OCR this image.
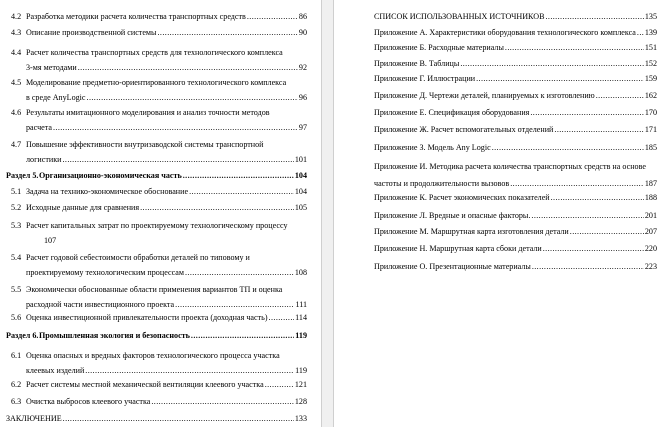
4.2 Разработка методики расчета количества транспортных средств .....	86
4.3 Описание производственной системы .....	90
4.4 Расчет количества транспортных средств для технологического комплекса
3-мя методами .....	92
4.5 Моделирование предметно-ориентированного технологического комплекса
в среде AnyLogic .....	96
4.6 Результаты имитационного моделирования и анализ точности методов
расчета .....	97
4.7 Повышение эффективности внутризаводской системы транспортной
логистики .....	101
Раздел 5. Организационно-экономическая часть .....	104
5.1 Задача на технико-экономическое обоснование .....	104
5.2 Исходные данные для сравнения .....	105
5.3 Расчет капитальных затрат по проектируемому технологическому процессу
107
5.4 Расчет годовой себестоимости обработки деталей по типовому и
проектируемому технологическим процессам .....	108
5.5 Экономически обоснованные области применения вариантов ТП и оценка
расходной части инвестиционного проекта .....	111
5.6 Оценка инвестиционной привлекательности проекта (доходная часть) .....	114
Раздел 6. Промышленная экология и безопасность .....	119
6.1 Оценка опасных и вредных факторов технологического процесса участка
клеевых изделий .....	119
6.2 Расчет системы местной механической вентиляции клеевого участка .....	121
6.3 Очистка выбросов клеевого участка .....	128
ЗАКЛЮЧЕНИЕ .....	133
СПИСОК ИСПОЛЬЗОВАННЫХ ИСТОЧНИКОВ .....	135
Приложение А. Характеристики оборудования технологического комплекса ..... 139
Приложение Б. Расходные материалы .....	151
Приложение В. Таблицы .....	152
Приложение Г. Иллюстрации .....	159
Приложение Д. Чертежи деталей, планируемых к изготовлению .....	162
Приложение Е. Спецификация оборудования .....	170
Приложение Ж. Расчет вспомогательных отделений .....	171
Приложение З. Модель Any Logic .....	185
Приложение И. Методика расчета количества транспортных средств на основе
частоты и продолжительности вызовов .....	187
Приложение К. Расчет экономических показателей .....	188
Приложение Л. Вредные и опасные факторы. .....	201
Приложение М. Маршрутная карта изготовления детали .....	207
Приложение Н. Маршрутная карта сбоки детали .....	220
Приложение О. Презентационные материалы .....	223
